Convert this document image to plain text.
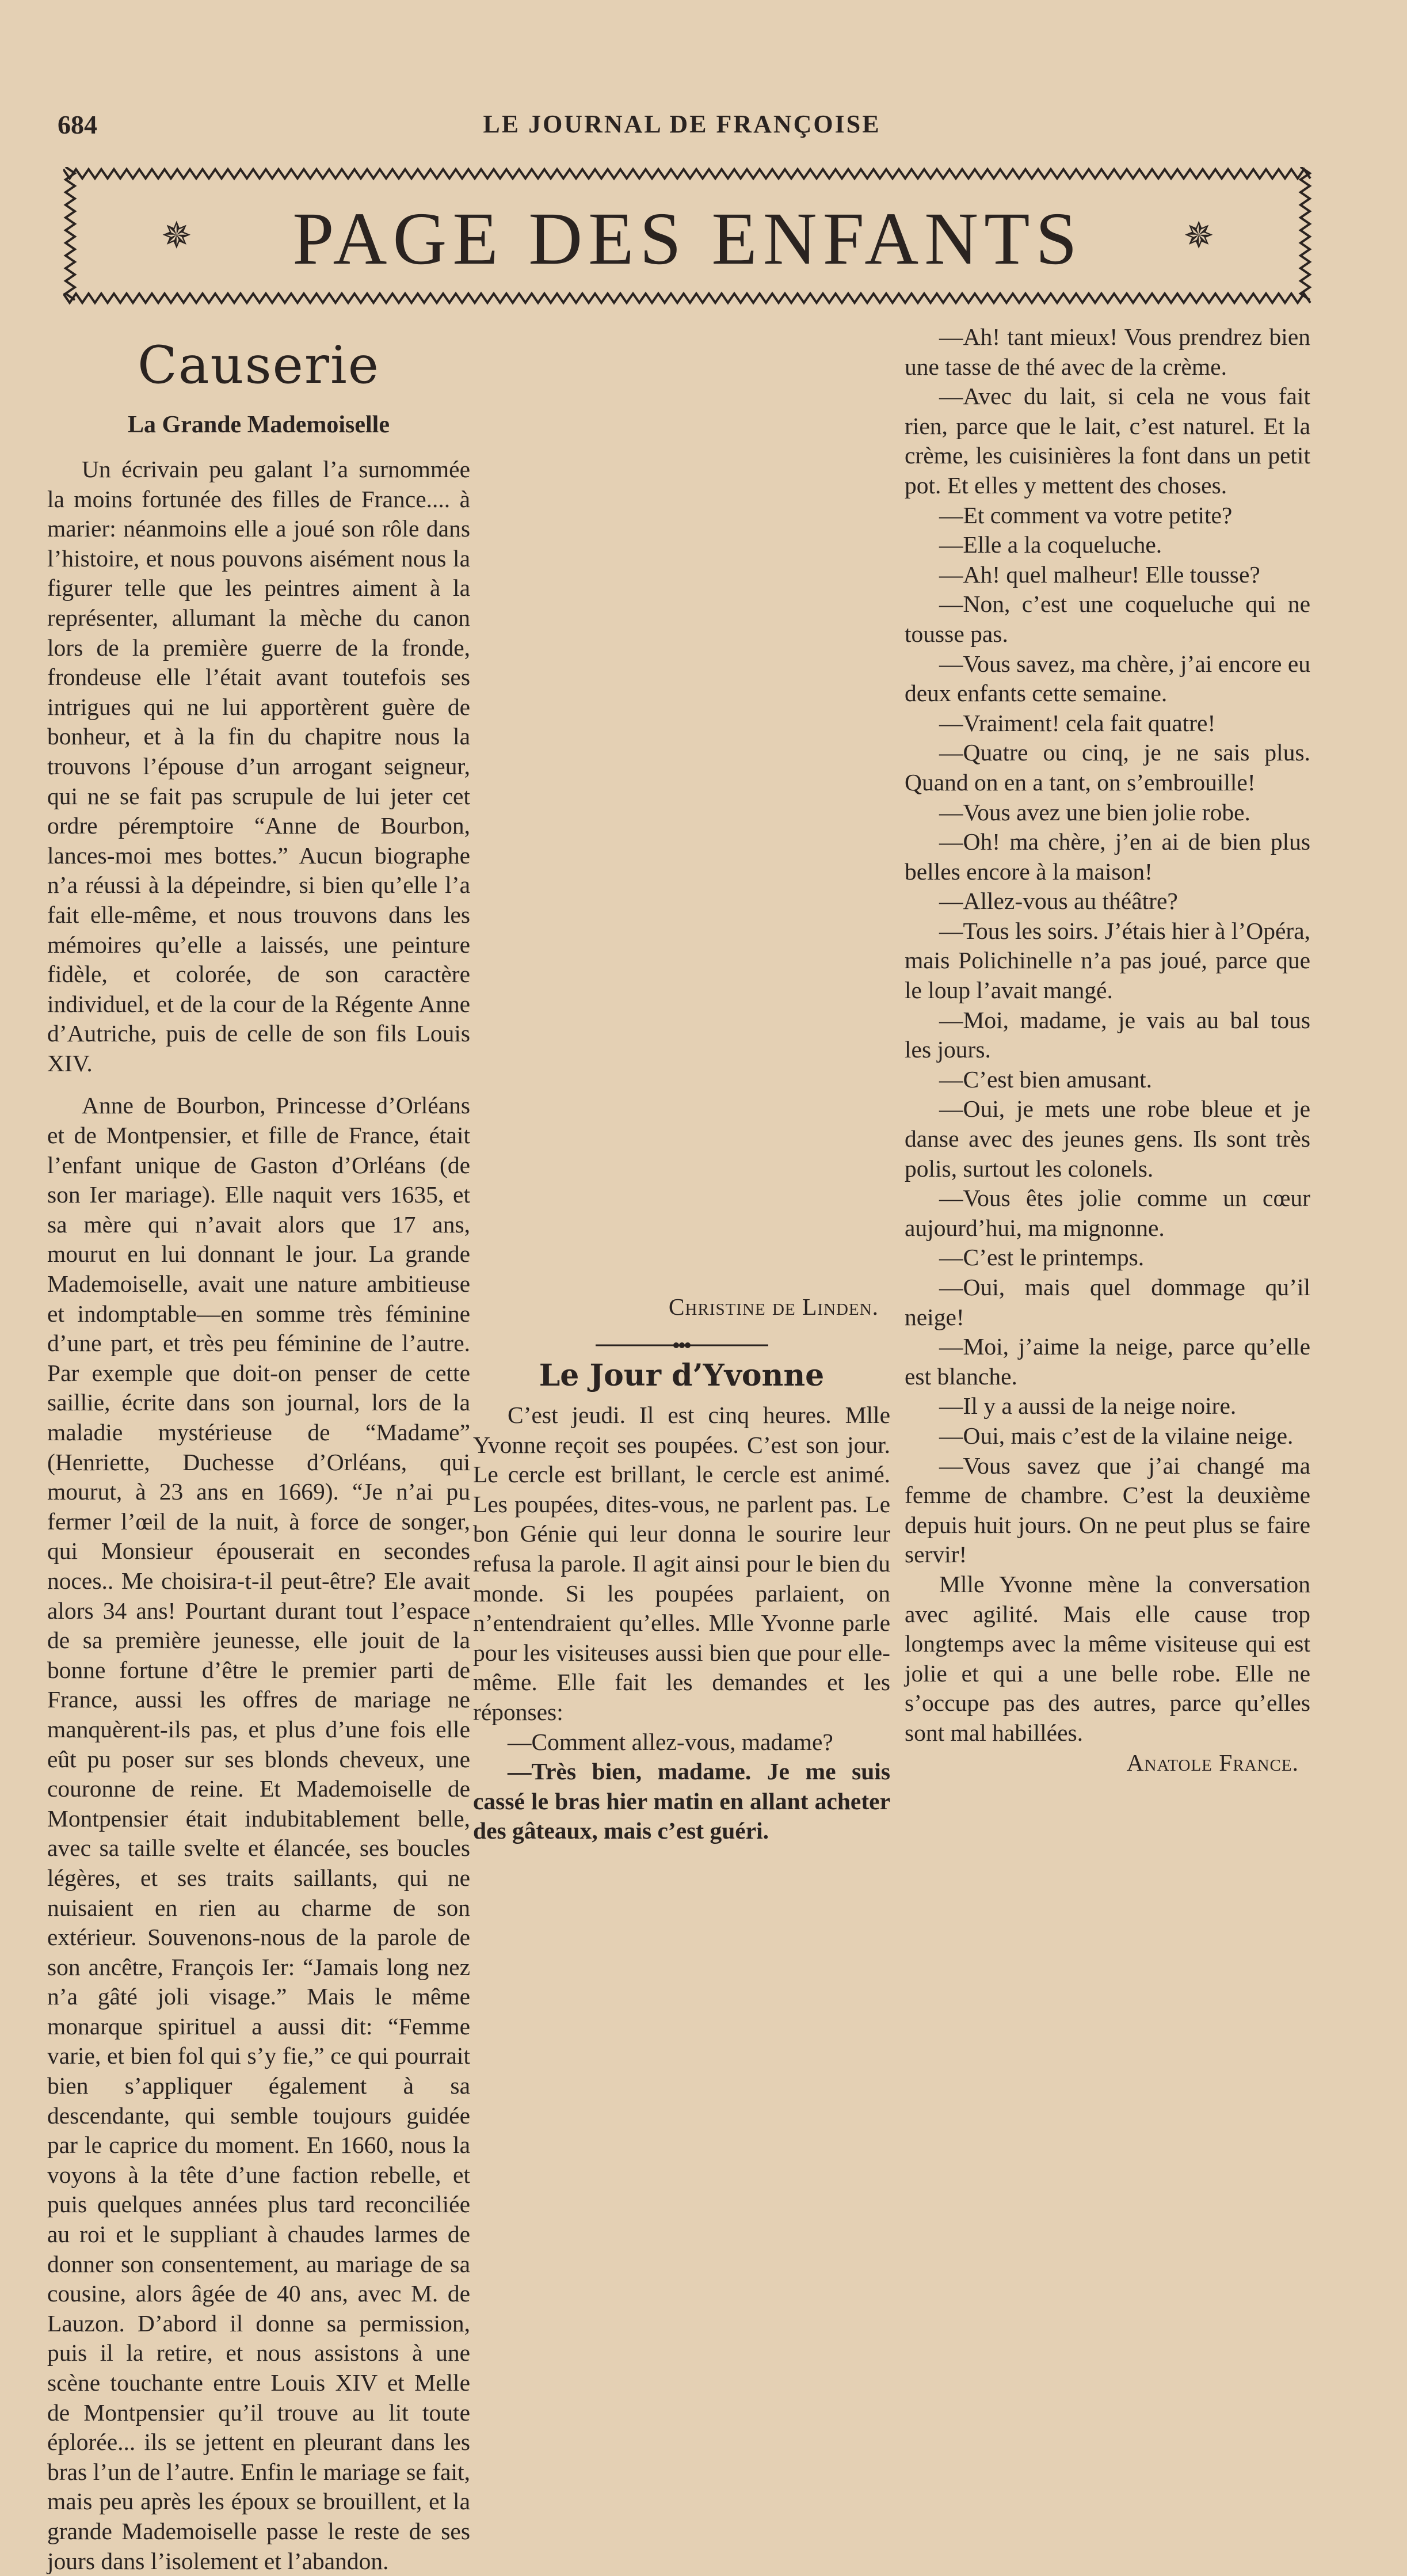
684	LE JOURNAL DE FRANÇOISE
✵	PAGE DES ENFANTS	✵
Causerie
La Grande Mademoiselle

Un écrivain peu galant l’a surnommée la moins fortunée des filles de France.... à marier: néanmoins elle a joué son rôle dans l’histoire, et nous pouvons aisément nous la figurer telle que les peintres aiment à la représenter, allumant la mèche du canon lors de la première guerre de la fronde, frondeuse elle l’était avant toutefois ses intrigues qui ne lui apportèrent guère de bonheur, et à la fin du chapitre nous la trouvons l’épouse d’un arrogant seigneur, qui ne se fait pas scrupule de lui jeter cet ordre péremptoire “Anne de Bourbon, lances-moi mes bottes.” Aucun biographe n’a réussi à la dépeindre, si bien qu’elle l’a fait elle-même, et nous trouvons dans les mémoires qu’elle a laissés, une peinture fidèle, et colorée, de son caractère individuel, et de la cour de la Régente Anne d’Autriche, puis de celle de son fils Louis XIV.

Anne de Bourbon, Princesse d’Orléans et de Montpensier, et fille de France, était l’enfant unique de Gaston d’Orléans (de son Ier mariage). Elle naquit vers 1635, et sa mère qui n’avait alors que 17 ans, mourut en lui donnant le jour. La grande Mademoiselle, avait une nature ambitieuse et indomptable—en somme très féminine d’une part, et très peu féminine de l’autre. Par exemple que doit-on penser de cette saillie, écrite dans son journal, lors de la maladie mystérieuse de “Madame” (Henriette, Duchesse d’Orléans, qui mourut, à 23 ans en 1669). “Je n’ai pu fermer l’œil de la nuit, à force de songer, qui Monsieur épouserait en secondes noces.. Me choisira-t-il peut-être? Ele avait alors 34 ans! Pourtant durant tout l’espace de sa première jeunesse, elle jouit de la bonne fortune d’être le premier parti de France, aussi les offres de mariage ne manquèrent-ils pas, et plus d’une fois elle eût pu poser sur ses blonds cheveux, une couronne de reine. Et Mademoiselle de Montpensier était indubitablement belle, avec sa taille svelte et élancée, ses boucles légères, et ses traits saillants, qui ne nuisaient en rien au charme de son extérieur. Souvenons-nous de la parole de son ancêtre, François Ier: “Jamais long nez n’a gâté joli visage.” Mais le même monarque spirituel a aussi dit: “Femme varie, et bien fol qui s’y fie,” ce qui pourrait bien s’appliquer également à sa descendante, qui semble toujours guidée par le caprice du moment. En 1660, nous la voyons à la tête d’une faction rebelle, et puis quelques années plus tard reconciliée au roi et le suppliant à chaudes larmes de donner son consentement, au mariage de sa cousine, alors âgée de 40 ans, avec M. de Lauzon. D’abord il donne sa permission, puis il la retire, et nous assistons à une scène touchante entre Louis XIV et Melle de Montpensier qu’il trouve au lit toute éplorée... ils se jettent en pleurant dans les bras l’un de l’autre. Enfin le mariage se fait, mais peu après les époux se brouillent, et la grande Mademoiselle passe le reste de ses jours dans l’isolement et l’abandon.

Christine de Linden.

Le Jour d’Yvonne

C’est jeudi. Il est cinq heures. Mlle Yvonne reçoit ses poupées. C’est son jour. Le cercle est brillant, le cercle est animé. Les poupées, dites-vous, ne parlent pas. Le bon Génie qui leur donna le sourire leur refusa la parole. Il agit ainsi pour le bien du monde. Si les poupées parlaient, on n’entendraient qu’elles. Mlle Yvonne parle pour les visiteuses aussi bien que pour elle-même. Elle fait les demandes et les réponses:

—Comment allez-vous, madame?

—Très bien, madame. Je me suis cassé le bras hier matin en allant acheter des gâteaux, mais c’est guéri.

—Ah! tant mieux! Vous prendrez bien une tasse de thé avec de la crème.

—Avec du lait, si cela ne vous fait rien, parce que le lait, c’est naturel. Et la crème, les cuisinières la font dans un petit pot. Et elles y mettent des choses.

—Et comment va votre petite?

—Elle a la coqueluche.

—Ah! quel malheur! Elle tousse?

—Non, c’est une coqueluche qui ne tousse pas.

—Vous savez, ma chère, j’ai encore eu deux enfants cette semaine.

—Vraiment! cela fait quatre!

—Quatre ou cinq, je ne sais plus. Quand on en a tant, on s’embrouille!

—Vous avez une bien jolie robe.

—Oh! ma chère, j’en ai de bien plus belles encore à la maison!

—Allez-vous au théâtre?

—Tous les soirs. J’étais hier à l’Opéra, mais Polichinelle n’a pas joué, parce que le loup l’avait mangé.

—Moi, madame, je vais au bal tous les jours.

—C’est bien amusant.

—Oui, je mets une robe bleue et je danse avec des jeunes gens. Ils sont très polis, surtout les colonels.

—Vous êtes jolie comme un cœur aujourd’hui, ma mignonne.

—C’est le printemps.

—Oui, mais quel dommage qu’il neige!

—Moi, j’aime la neige, parce qu’elle est blanche.

—Il y a aussi de la neige noire.

—Oui, mais c’est de la vilaine neige.

—Vous savez que j’ai changé ma femme de chambre. C’est la deuxième depuis huit jours. On ne peut plus se faire servir!

Mlle Yvonne mène la conversation avec agilité. Mais elle cause trop longtemps avec la même visiteuse qui est jolie et qui a une belle robe. Elle ne s’occupe pas des autres, parce qu’elles sont mal habillées.

Anatole France.
